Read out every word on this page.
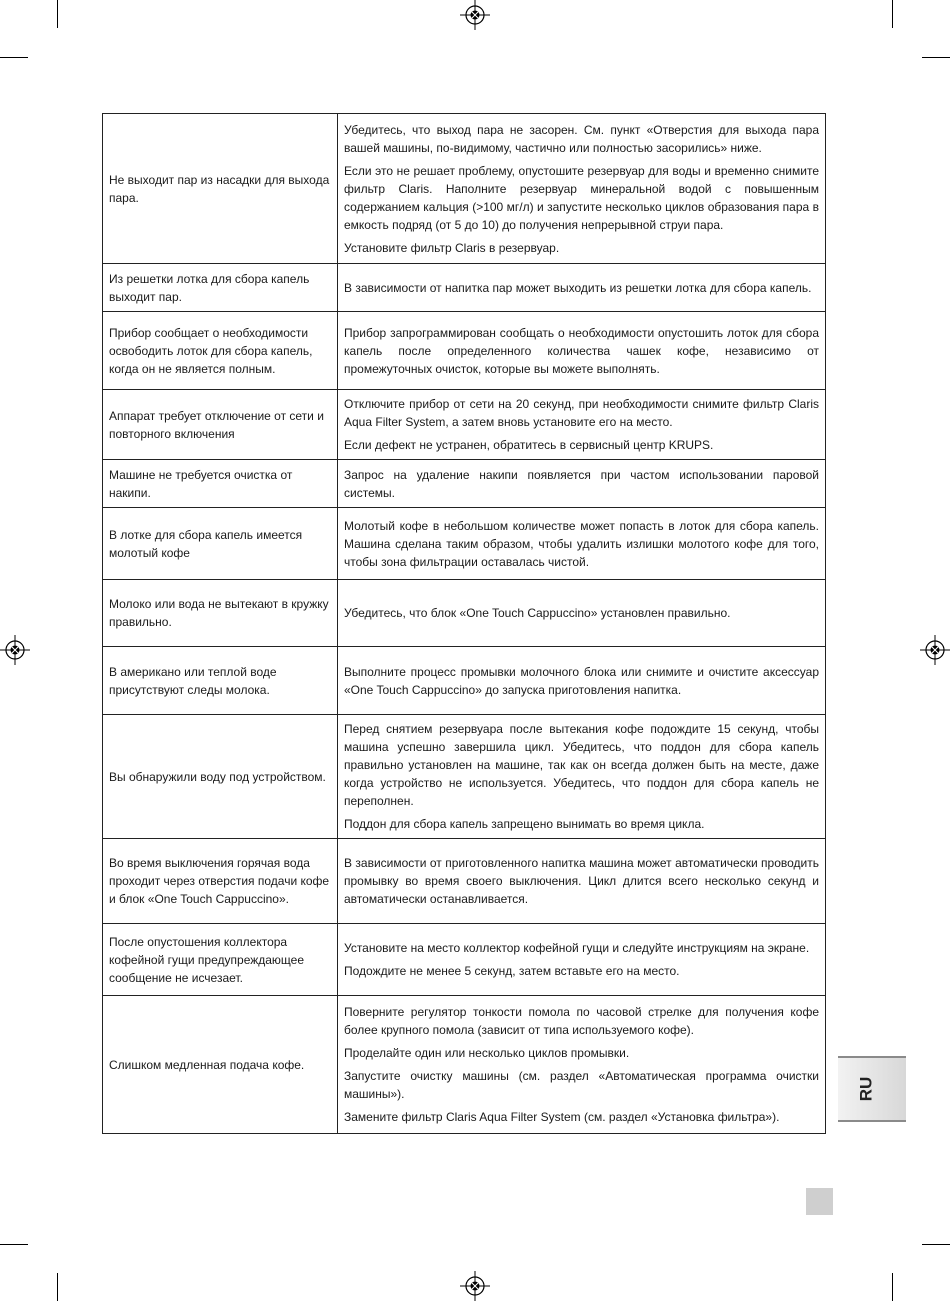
Не выходит пар из насадки для выхода пара.	Убедитесь, что выход пара не засорен. См. пункт «Отверстия для выхода пара вашей машины, по-видимому, частично или полностью засорились» ниже.

Если это не решает проблему, опустошите резервуар для воды и временно снимите фильтр Claris. Наполните резервуар минеральной водой с повышенным содержанием кальция (>100 мг/л) и запустите несколько циклов образования пара в емкость подряд (от 5 до 10) до получения непрерывной струи пара.

Установите фильтр Claris в резервуар.

Из решетки лотка для сбора капель выходит пар.	В зависимости от напитка пар может выходить из решетки лотка для сбора капель.

Прибор сообщает о необходимости освободить лоток для сбора капель, когда он не является полным.	Прибор запрограммирован сообщать о необходимости опустошить лоток для сбора капель после определенного количества чашек кофе, независимо от промежуточных очисток, которые вы можете выполнять.

Аппарат требует отключение от сети и повторного включения	Отключите прибор от сети на 20 секунд, при необходимости снимите фильтр Claris Aqua Filter System, а затем вновь установите его на место.

Если дефект не устранен, обратитесь в сервисный центр KRUPS.

Машине не требуется очистка от накипи.	Запрос на удаление накипи появляется при частом использовании паровой системы.

В лотке для сбора капель имеется молотый кофе	Молотый кофе в небольшом количестве может попасть в лоток для сбора капель. Машина сделана таким образом, чтобы удалить излишки молотого кофе для того, чтобы зона фильтрации оставалась чистой.

Молоко или вода не вытекают в кружку правильно.	Убедитесь, что блок «One Touch Cappuccino» установлен правильно.

В американо или теплой воде присутствуют следы молока.	Выполните процесс промывки молочного блока или снимите и очистите аксессуар «One Touch Cappuccino» до запуска приготовления напитка.

Вы обнаружили воду под устройством.	Перед снятием резервуара после вытекания кофе подождите 15 секунд, чтобы машина успешно завершила цикл. Убедитесь, что поддон для сбора капель правильно установлен на машине, так как он всегда должен быть на месте, даже когда устройство не используется. Убедитесь, что поддон для сбора капель не переполнен.

Поддон для сбора капель запрещено вынимать во время цикла.

Во время выключения горячая вода проходит через отверстия подачи кофе и блок «One Touch Cappuccino».	В зависимости от приготовленного напитка машина может автоматически проводить промывку во время своего выключения. Цикл длится всего несколько секунд и автоматически останавливается.

После опустошения коллектора кофейной гущи предупреждающее сообщение не исчезает.	Установите на место коллектор кофейной гущи и следуйте инструкциям на экране.

Подождите не менее 5 секунд, затем вставьте его на место.

Слишком медленная подача кофе.	Поверните регулятор тонкости помола по часовой стрелке для получения кофе более крупного помола (зависит от типа используемого кофе).

Проделайте один или несколько циклов промывки.

Запустите очистку машины (см. раздел «Автоматическая программа очистки машины»).

Замените фильтр Claris Aqua Filter System (см. раздел «Установка фильтра»).

RU
